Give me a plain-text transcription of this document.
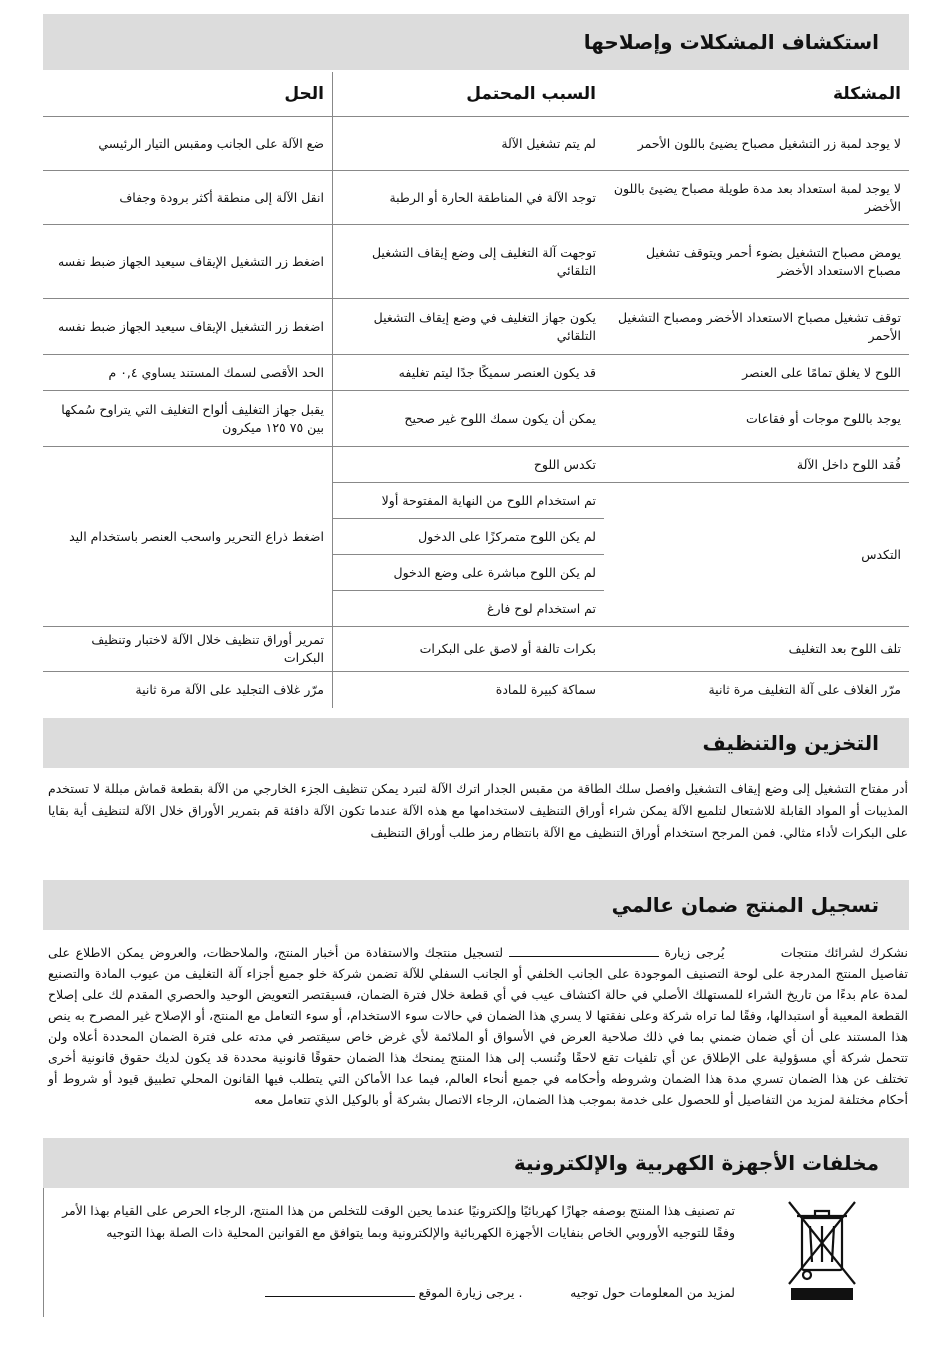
استكشاف المشكلات وإصلاحها
المشكلة	السبب المحتمل	الحل
لا يوجد لمبة زر التشغيل مصباح يضيئ باللون الأحمر	لم يتم تشغيل الآلة	ضع الآلة على الجانب ومقبس التيار الرئيسي
لا يوجد لمبة استعداد بعد مدة طويلة مصباح يضيئ باللون الأخضر	توجد الآلة في المناطقة الحارة أو الرطبة	انقل الآلة إلى منطقة أكثر برودة وجفاف
يومض مصباح التشغيل بضوء أحمر ويتوقف تشغيل مصباح الاستعداد الأخضر	توجهت آلة التغليف إلى وضع إيقاف التشغيل التلقائي	اضغط زر التشغيل الإيقاف سيعيد الجهاز ضبط نفسه
توقف تشغيل مصباح الاستعداد الأخضر ومصباح التشغيل الأحمر	يكون جهاز التغليف في وضع إيقاف التشغيل التلقائي	اضغط زر التشغيل الإيقاف سيعيد الجهاز ضبط نفسه
اللوح لا يغلق تمامًا على العنصر	قد يكون العنصر سميكًا جدًا ليتم تغليفه	الحد الأقصى لسمك المستند يساوي ٠,٤ م
يوجد باللوح موجات أو فقاعات	يمكن أن يكون سمك اللوح غير صحيح	يقبل جهاز التغليف ألواح التغليف التي يتراوح سُمكها بين ٧٥ ١٢٥ ميكرون
فُقد اللوح داخل الآلة	تكدس اللوح	اضغط ذراع التحرير واسحب العنصر باستخدام اليد
التكدس	تم استخدام اللوح من النهاية المفتوحة أولا	
	لم يكن اللوح متمركزًا على الدخول	
	لم يكن اللوح مباشرة على وضع الدخول	
	تم استخدام لوح فارغ	
تلف اللوح بعد التغليف	بكرات تالفة أو لاصق على البكرات	تمرير أوراق تنظيف خلال الآلة لاختبار وتنظيف البكرات
مرّر الغلاف على آلة التغليف مرة ثانية	سماكة كبيرة للمادة	مرّر غلاف التجليد على الآلة مرة ثانية
التخزين والتنظيف
أدر مفتاح التشغيل إلى وضع إيقاف التشغيل وافصل سلك الطاقة من مقبس الجدار اترك الآلة لتبرد يمكن تنظيف الجزء الخارجي من الآلة بقطعة قماش مبللة لا تستخدم المذيبات أو المواد القابلة للاشتعال لتلميع الآلة يمكن شراء أوراق التنظيف لاستخدامها مع هذه الآلة عندما تكون الآلة دافئة قم بتمرير الأوراق خلال الآلة لتنظيف أية بقايا على البكرات لأداء مثالي. فمن المرجح استخدام أوراق التنظيف مع الآلة بانتظام رمز طلب أوراق التنظيف
تسجيل المنتج ضمان عالمي
نشكرك لشرائك منتجات          يُرجى زيارة  لتسجيل منتجك والاستفادة من أخبار المنتج، والملاحظات، والعروض يمكن الاطلاع على تفاصيل المنتج المدرجة على لوحة التصنيف الموجودة على الجانب الخلفي أو الجانب السفلي للآلة تضمن شركة خلو جميع أجزاء آلة التغليف من عيوب المادة والتصنيع لمدة عام بدءًا من تاريخ الشراء للمستهلك الأصلي في حالة اكتشاف عيب في أي قطعة خلال فترة الضمان، فسيقتصر التعويض الوحيد والحصري المقدم لك على إصلاح القطعة المعيبة أو استبدالها، وفقًا لما تراه شركة وعلى نفقتها لا يسري هذا الضمان في حالات سوء الاستخدام، أو سوء التعامل مع المنتج، أو الإصلاح غير المصرح به ينص هذا المستند على أن أي ضمان ضمني بما في ذلك صلاحية العرض في الأسواق أو الملائمة لأي غرض خاص سيقتصر في مدته على فترة الضمان المحددة أعلاه ولن تتحمل شركة أي مسؤولية على الإطلاق عن أي تلفيات تقع لاحقًا وتُنسب إلى هذا المنتج يمنحك هذا الضمان حقوقًا قانونية محددة قد يكون لديك حقوق قانونية أخرى تختلف عن هذا الضمان تسري مدة هذا الضمان وشروطه وأحكامه في جميع أنحاء العالم، فيما عدا الأماكن التي يتطلب فيها القانون المحلي تطبيق قيود أو شروط أو أحكام مختلفة لمزيد من التفاصيل أو للحصول على خدمة بموجب هذا الضمان، الرجاء الاتصال بشركة أو بالوكيل الذي تتعامل معه
مخلفات الأجهزة الكهربية والإلكترونية
تم تصنيف هذا المنتج بوصفه جهازًا كهربائيًا وإلكترونيًا عندما يحين الوقت للتخلص من هذا المنتج، الرجاء الحرص على القيام بهذا الأمر وفقًا للتوجيه الأوروبي الخاص بنفايات الأجهزة الكهربائية والإلكترونية وبما يتوافق مع القوانين المحلية ذات الصلة بهذا التوجيه
لمزيد من المعلومات حول توجيه            . يرجى زيارة الموقع
